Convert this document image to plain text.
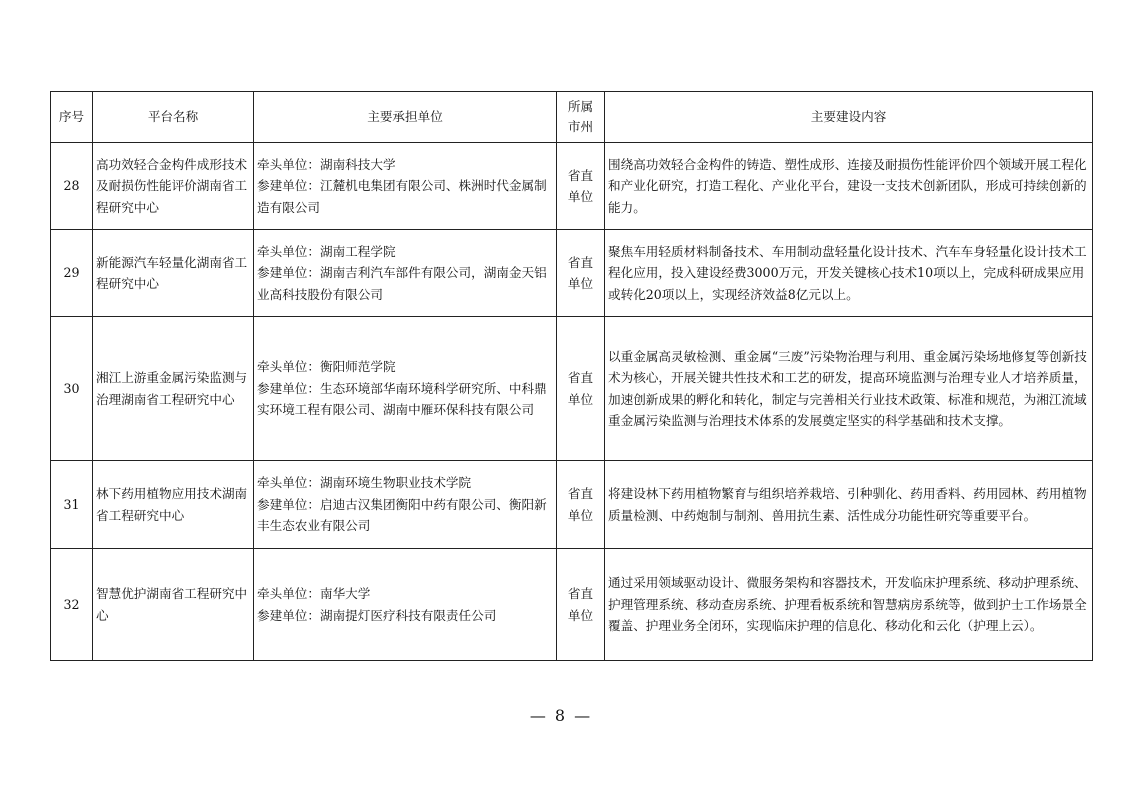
序号	平台名称	主要承担单位	所属市州	主要建设内容
28	高功效轻合金构件成形技术及耐损伤性能评价湖南省工程研究中心	牵头单位：湖南科技大学
参建单位：江麓机电集团有限公司、株洲时代金属制造有限公司	省直单位	围绕高功效轻合金构件的铸造、塑性成形、连接及耐损伤性能评价四个领域开展工程化和产业化研究，打造工程化、产业化平台，建设一支技术创新团队，形成可持续创新的能力。
29	新能源汽车轻量化湖南省工程研究中心	牵头单位：湖南工程学院
参建单位：湖南吉利汽车部件有限公司，湖南金天铝业高科技股份有限公司	省直单位	聚焦车用轻质材料制备技术、车用制动盘轻量化设计技术、汽车车身轻量化设计技术工程化应用，投入建设经费3000万元，开发关键核心技术10项以上，完成科研成果应用或转化20项以上，实现经济效益8亿元以上。
30	湘江上游重金属污染监测与治理湖南省工程研究中心	牵头单位：衡阳师范学院
参建单位：生态环境部华南环境科学研究所、中科鼎实环境工程有限公司、湖南中雁环保科技有限公司	省直单位	以重金属高灵敏检测、重金属“三废”污染物治理与利用、重金属污染场地修复等创新技术为核心，开展关键共性技术和工艺的研发，提高环境监测与治理专业人才培养质量，加速创新成果的孵化和转化，制定与完善相关行业技术政策、标准和规范，为湘江流域重金属污染监测与治理技术体系的发展奠定坚实的科学基础和技术支撑。
31	林下药用植物应用技术湖南省工程研究中心	牵头单位：湖南环境生物职业技术学院
参建单位：启迪古汉集团衡阳中药有限公司、衡阳新丰生态农业有限公司	省直单位	将建设林下药用植物繁育与组织培养栽培、引种驯化、药用香料、药用园林、药用植物质量检测、中药炮制与制剂、兽用抗生素、活性成分功能性研究等重要平台。
32	智慧优护湖南省工程研究中心	牵头单位：南华大学
参建单位：湖南提灯医疗科技有限责任公司	省直单位	通过采用领域驱动设计、微服务架构和容器技术，开发临床护理系统、移动护理系统、护理管理系统、移动查房系统、护理看板系统和智慧病房系统等，做到护士工作场景全覆盖、护理业务全闭环，实现临床护理的信息化、移动化和云化（护理上云）。
— 8 —
